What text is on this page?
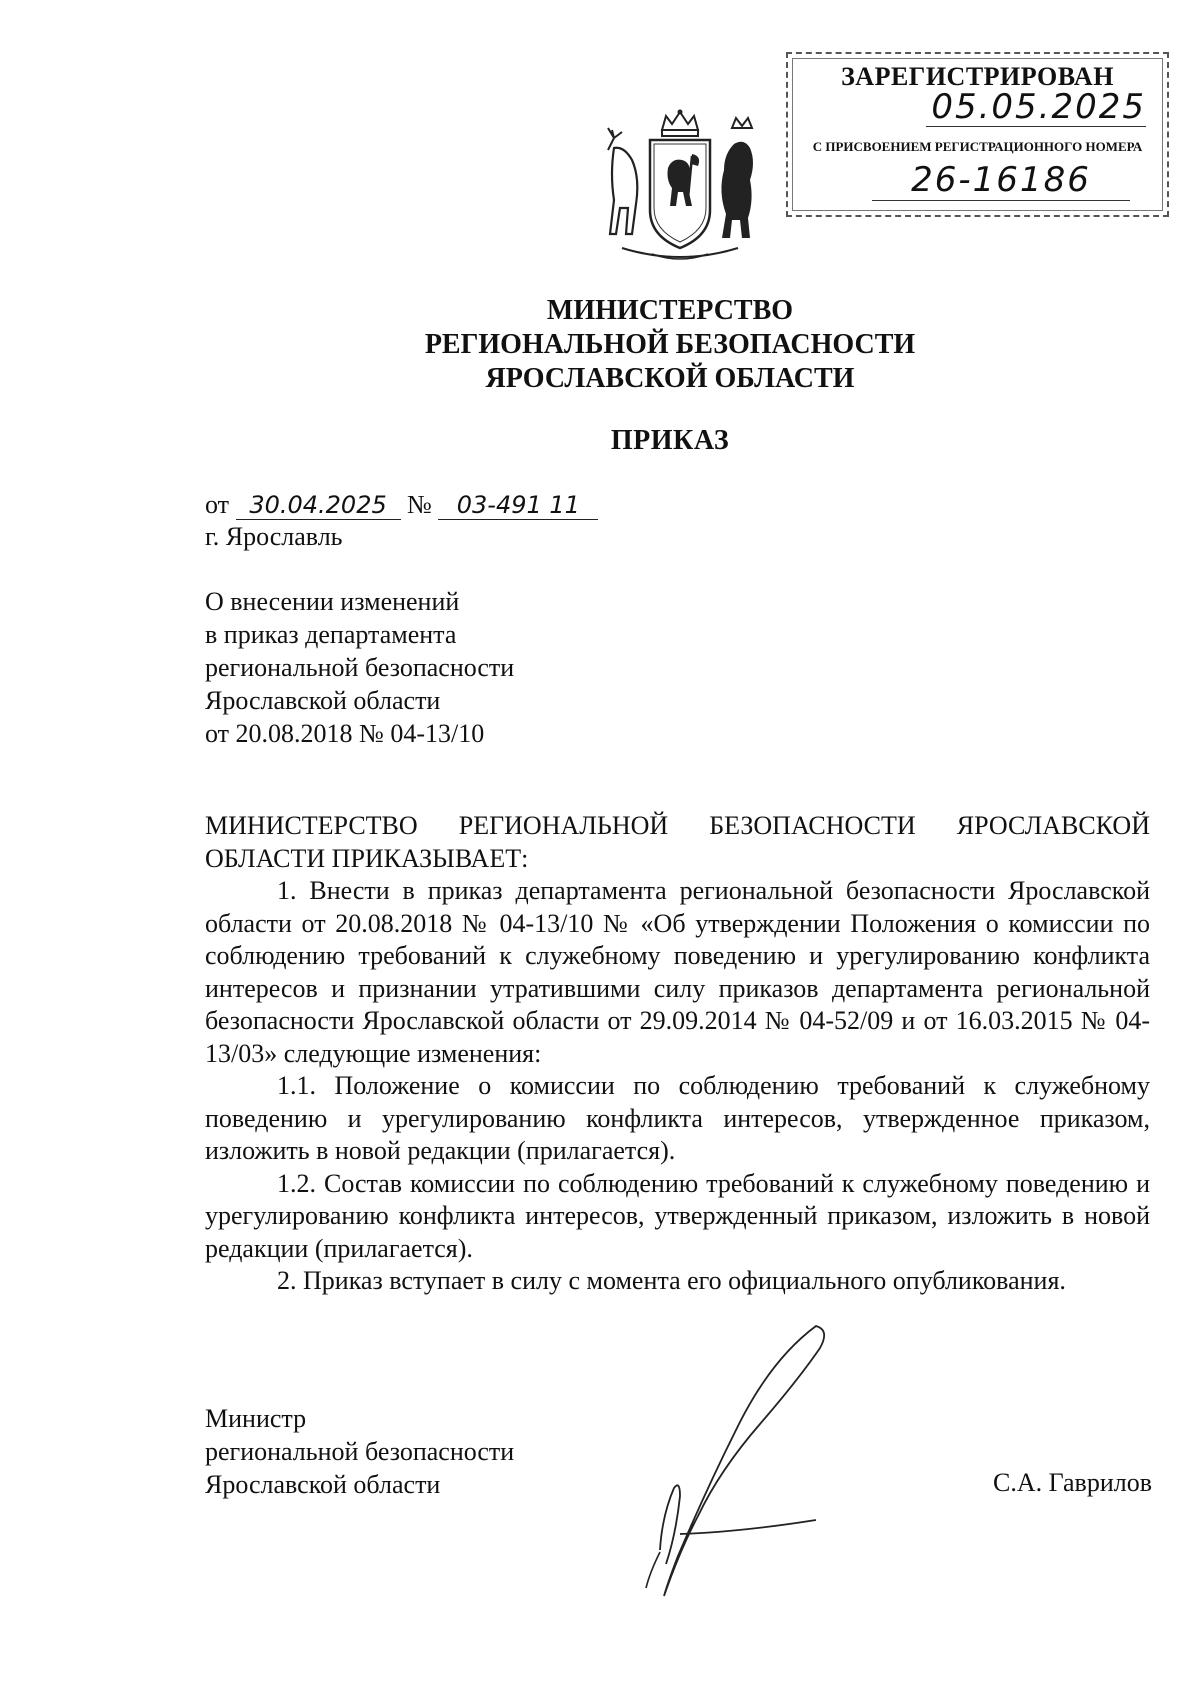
ЗАРЕГИСТРИРОВАН
05.05.2025
С ПРИСВОЕНИЕМ РЕГИСТРАЦИОННОГО НОМЕРА
26-16186
МИНИСТЕРСТВО
РЕГИОНАЛЬНОЙ БЕЗОПАСНОСТИ
ЯРОСЛАВСКОЙ ОБЛАСТИ
ПРИКАЗ
от 30.04.2025 № 03-491 11
г. Ярославль
О внесении изменений
в приказ департамента
региональной безопасности
Ярославской области
от 20.08.2018 № 04-13/10

МИНИСТЕРСТВО РЕГИОНАЛЬНОЙ БЕЗОПАСНОСТИ ЯРОСЛАВСКОЙ ОБЛАСТИ ПРИКАЗЫВАЕТ:

1. Внести в приказ департамента региональной безопасности Ярославской области от 20.08.2018 № 04-13/10 № «Об утверждении Положения о комиссии по соблюдению требований к служебному поведению и урегулированию конфликта интересов и признании утратившими силу приказов департамента региональной безопасности Ярославской области от 29.09.2014 № 04-52/09 и от 16.03.2015 № 04-13/03» следующие изменения:

1.1. Положение о комиссии по соблюдению требований к служебному поведению и урегулированию конфликта интересов, утвержденное приказом, изложить в новой редакции (прилагается).

1.2. Состав комиссии по соблюдению требований к служебному поведению и урегулированию конфликта интересов, утвержденный приказом, изложить в новой редакции (прилагается).

2. Приказ вступает в силу с момента его официального опубликования.

Министр
региональной безопасности
Ярославской области	С.А. Гаврилов
